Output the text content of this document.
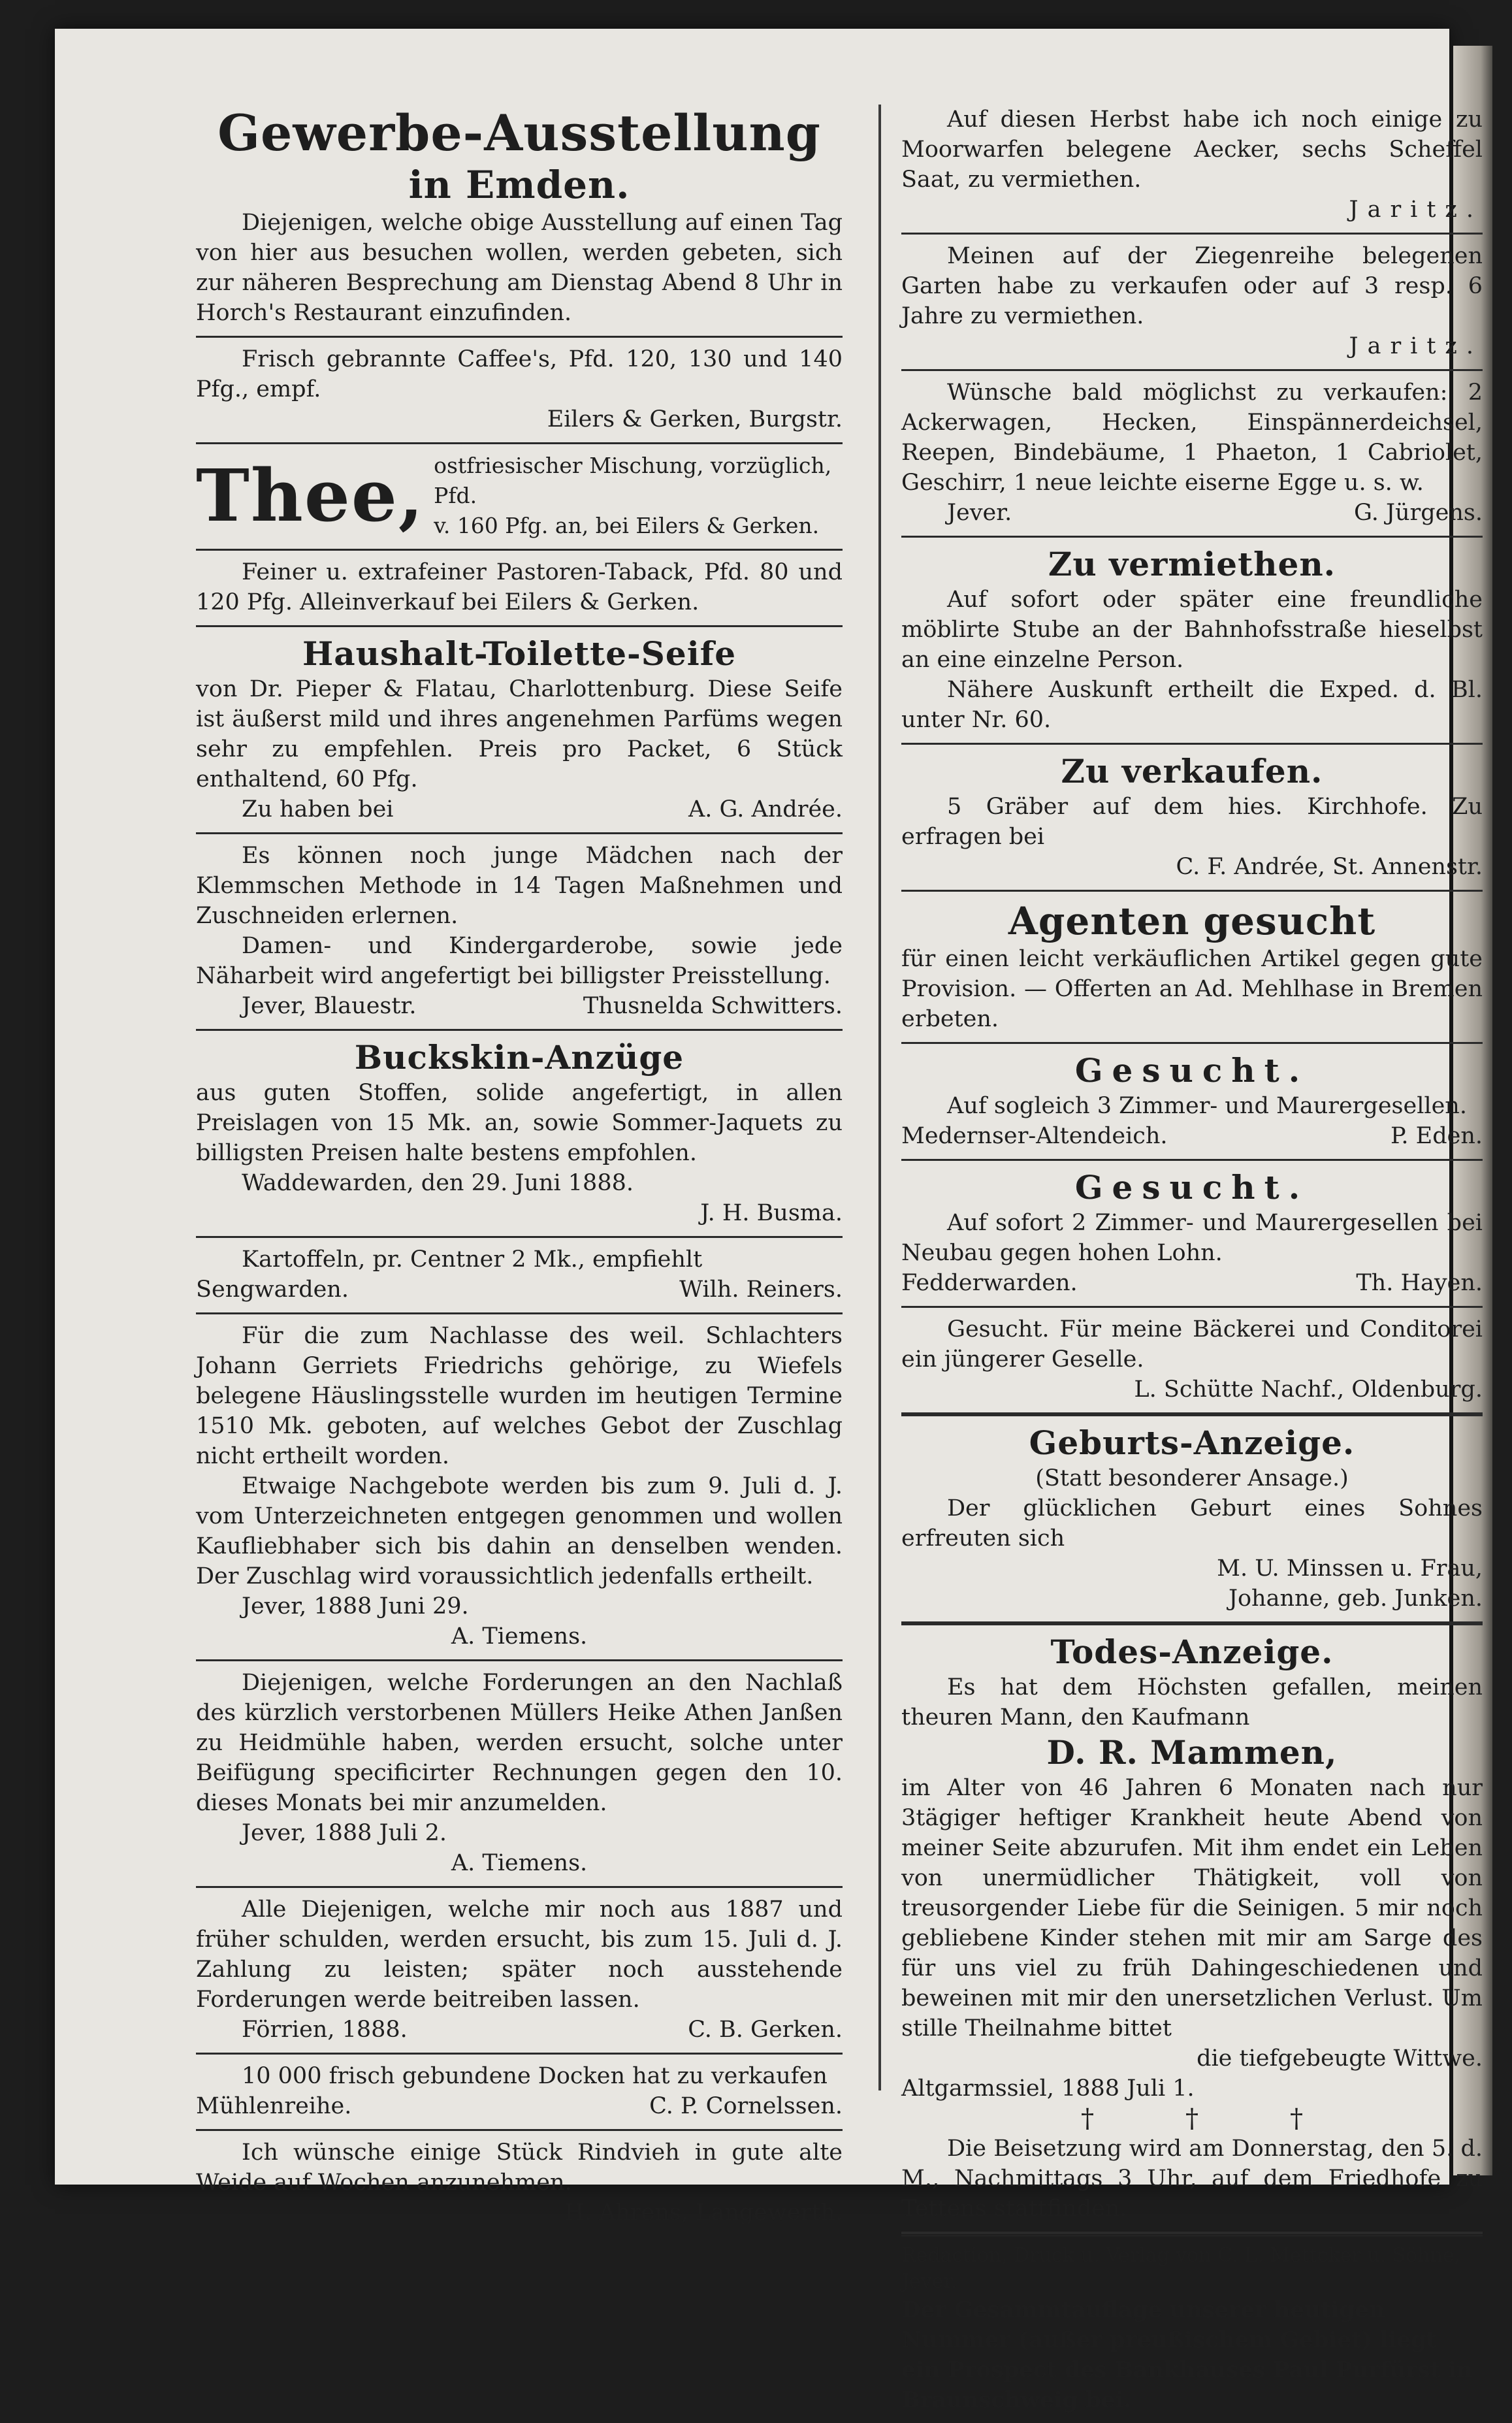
Gewerbe-Ausstellung

in Emden.

Diejenigen, welche obige Ausstellung auf einen Tag von hier aus besuchen wollen, werden gebeten, sich zur näheren Besprechung am Dienstag Abend 8 Uhr in Horch's Restaurant einzufinden.

Frisch gebrannte Caffee's, Pfd. 120, 130 und 140 Pfg., empf.

Eilers & Gerken, Burgstr.

Thee, ostfriesischer Mischung, vorzüglich, Pfd.

v. 160 Pfg. an, bei Eilers & Gerken.

Feiner u. extrafeiner Pastoren-Taback, Pfd. 80 und 120 Pfg. Alleinverkauf bei Eilers & Gerken.

Haushalt-Toilette-Seife

von Dr. Pieper & Flatau, Charlottenburg. Diese Seife ist äußerst mild und ihres angenehmen Parfüms wegen sehr zu empfehlen. Preis pro Packet, 6 Stück enthaltend, 60 Pfg.

Zu haben bei	A. G. Andrée.

Es können noch junge Mädchen nach der Klemmschen Methode in 14 Tagen Maßnehmen und Zuschneiden erlernen.

Damen- und Kindergarderobe, sowie jede Näharbeit wird angefertigt bei billigster Preisstellung.

Jever, Blauestr.	Thusnelda Schwitters.

Buckskin-Anzüge

aus guten Stoffen, solide angefertigt, in allen Preislagen von 15 Mk. an, sowie Sommer-Jaquets zu billigsten Preisen halte bestens empfohlen.

Waddewarden, den 29. Juni 1888.

J. H. Busma.

Kartoffeln, pr. Centner 2 Mk., empfiehlt

Sengwarden.	Wilh. Reiners.

Für die zum Nachlasse des weil. Schlachters Johann Gerriets Friedrichs gehörige, zu Wiefels belegene Häuslingsstelle wurden im heutigen Termine 1510 Mk. geboten, auf welches Gebot der Zuschlag nicht ertheilt worden.

Etwaige Nachgebote werden bis zum 9. Juli d. J. vom Unterzeichneten entgegen genommen und wollen Kaufliebhaber sich bis dahin an denselben wenden. Der Zuschlag wird voraussichtlich jedenfalls ertheilt.

Jever, 1888 Juni 29.

A. Tiemens.

Diejenigen, welche Forderungen an den Nachlaß des kürzlich verstorbenen Müllers Heike Athen Janßen zu Heidmühle haben, werden ersucht, solche unter Beifügung specificirter Rechnungen gegen den 10. dieses Monats bei mir anzumelden.

Jever, 1888 Juli 2.

A. Tiemens.

Alle Diejenigen, welche mir noch aus 1887 und früher schulden, werden ersucht, bis zum 15. Juli d. J. Zahlung zu leisten; später noch ausstehende Forderungen werde beitreiben lassen.

Förrien, 1888.	C. B. Gerken.

10 000 frisch gebundene Docken hat zu verkaufen

Mühlenreihe.	C. P. Cornelssen.

Ich wünsche einige Stück Rindvieh in gute alte Weide auf Wochen anzunehmen.

H. Ahrens, Langewerth.

Auf diesen Herbst habe ich noch einige zu Moorwarfen belegene Aecker, sechs Scheffel Saat, zu vermiethen.

Jaritz.

Meinen auf der Ziegenreihe belegenen Garten habe zu verkaufen oder auf 3 resp. 6 Jahre zu vermiethen.

Jaritz.

Wünsche bald möglichst zu verkaufen: 2 Ackerwagen, Hecken, Einspännerdeichsel, Reepen, Bindebäume, 1 Phaeton, 1 Cabriolet, Geschirr, 1 neue leichte eiserne Egge u. s. w.

Jever.	G. Jürgens.

Zu vermiethen.

Auf sofort oder später eine freundliche möblirte Stube an der Bahnhofsstraße hieselbst an eine einzelne Person.

Nähere Auskunft ertheilt die Exped. d. Bl. unter Nr. 60.

Zu verkaufen.

5 Gräber auf dem hies. Kirchhofe. Zu erfragen bei

C. F. Andrée, St. Annenstr.

Agenten gesucht

für einen leicht verkäuflichen Artikel gegen gute Provision. — Offerten an Ad. Mehlhase in Bremen erbeten.

Gesucht.

Auf sogleich 3 Zimmer- und Maurergesellen.

Medernser-Altendeich.	P. Eden.

Gesucht.

Auf sofort 2 Zimmer- und Maurergesellen bei Neubau gegen hohen Lohn.

Fedderwarden.	Th. Hayen.

Gesucht. Für meine Bäckerei und Conditorei ein jüngerer Geselle.

L. Schütte Nachf., Oldenburg.

Geburts-Anzeige.

(Statt besonderer Ansage.)

Der glücklichen Geburt eines Sohnes erfreuten sich

M. U. Minssen u. Frau,

Johanne, geb. Junken.

Todes-Anzeige.

Es hat dem Höchsten gefallen, meinen theuren Mann, den Kaufmann

D. R. Mammen,

im Alter von 46 Jahren 6 Monaten nach nur 3tägiger heftiger Krankheit heute Abend von meiner Seite abzurufen. Mit ihm endet ein Leben von unermüdlicher Thätigkeit, voll von treusorgender Liebe für die Seinigen. 5 mir noch gebliebene Kinder stehen mit mir am Sarge des für uns viel zu früh Dahingeschiedenen und beweinen mit mir den unersetzlichen Verlust. Um stille Theilnahme bittet

die tiefgebeugte Wittwe.

Altgarmssiel, 1888 Juli 1.

†	†	†

Die Beisetzung wird am Donnerstag, den 5. d. M., Nachmittags 3 Uhr, auf dem Friedhofe zu Tettens stattfinden.

Redaction, Druck u. Verlag von C. L. Mettcker u. Söhne, Jever.

Der Gesammtauflage unserer heutigen Nummer (außer preußischem Gebiet) liegt ein Prospect des Bankhauses Paul Purfürst in Braunschweig bei.
